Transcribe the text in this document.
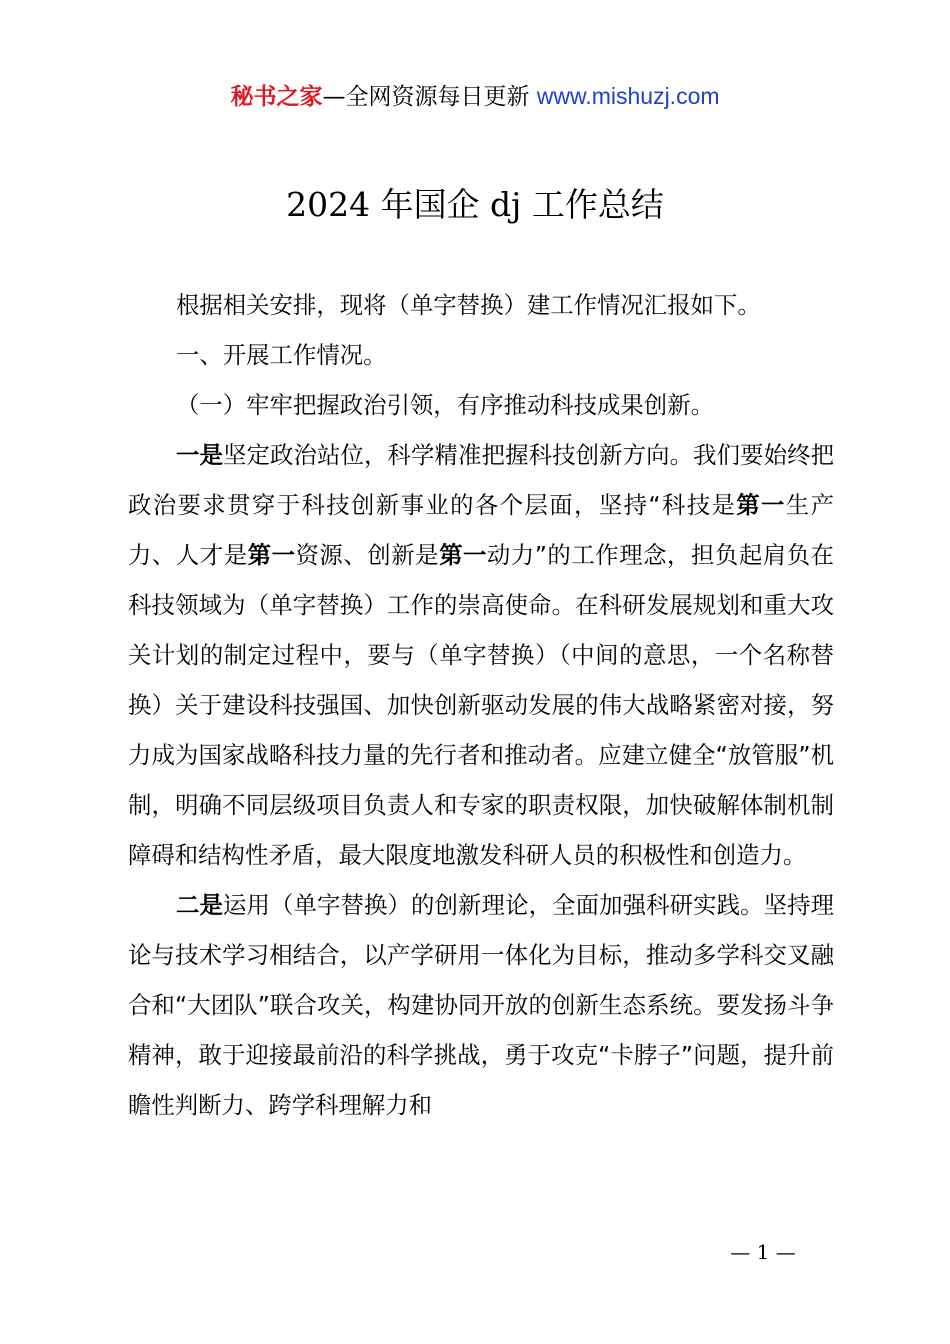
秘书之家—全网资源每日更新 www.mishuzj.com
2024 年国企 dj 工作总结

根据相关安排，现将（单字替换）建工作情况汇报如下。

一、开展工作情况。

（一）牢牢把握政治引领，有序推动科技成果创新。

一是坚定政治站位，科学精准把握科技创新方向。我们要始终把政治要求贯穿于科技创新事业的各个层面，坚持“科技是第一生产力、人才是第一资源、创新是第一动力”的工作理念，担负起肩负在科技领域为（单字替换）工作的崇高使命。在科研发展规划和重大攻关计划的制定过程中，要与（单字替换）（中间的意思，一个名称替换）关于建设科技强国、加快创新驱动发展的伟大战略紧密对接，努力成为国家战略科技力量的先行者和推动者。应建立健全“放管服”机制，明确不同层级项目负责人和专家的职责权限，加快破解体制机制障碍和结构性矛盾，最大限度地激发科研人员的积极性和创造力。

二是运用（单字替换）的创新理论，全面加强科研实践。坚持理论与技术学习相结合，以产学研用一体化为目标，推动多学科交叉融合和“大团队”联合攻关，构建协同开放的创新生态系统。要发扬斗争精神，敢于迎接最前沿的科学挑战，勇于攻克“卡脖子”问题，提升前瞻性判断力、跨学科理解力和

— 1 —
